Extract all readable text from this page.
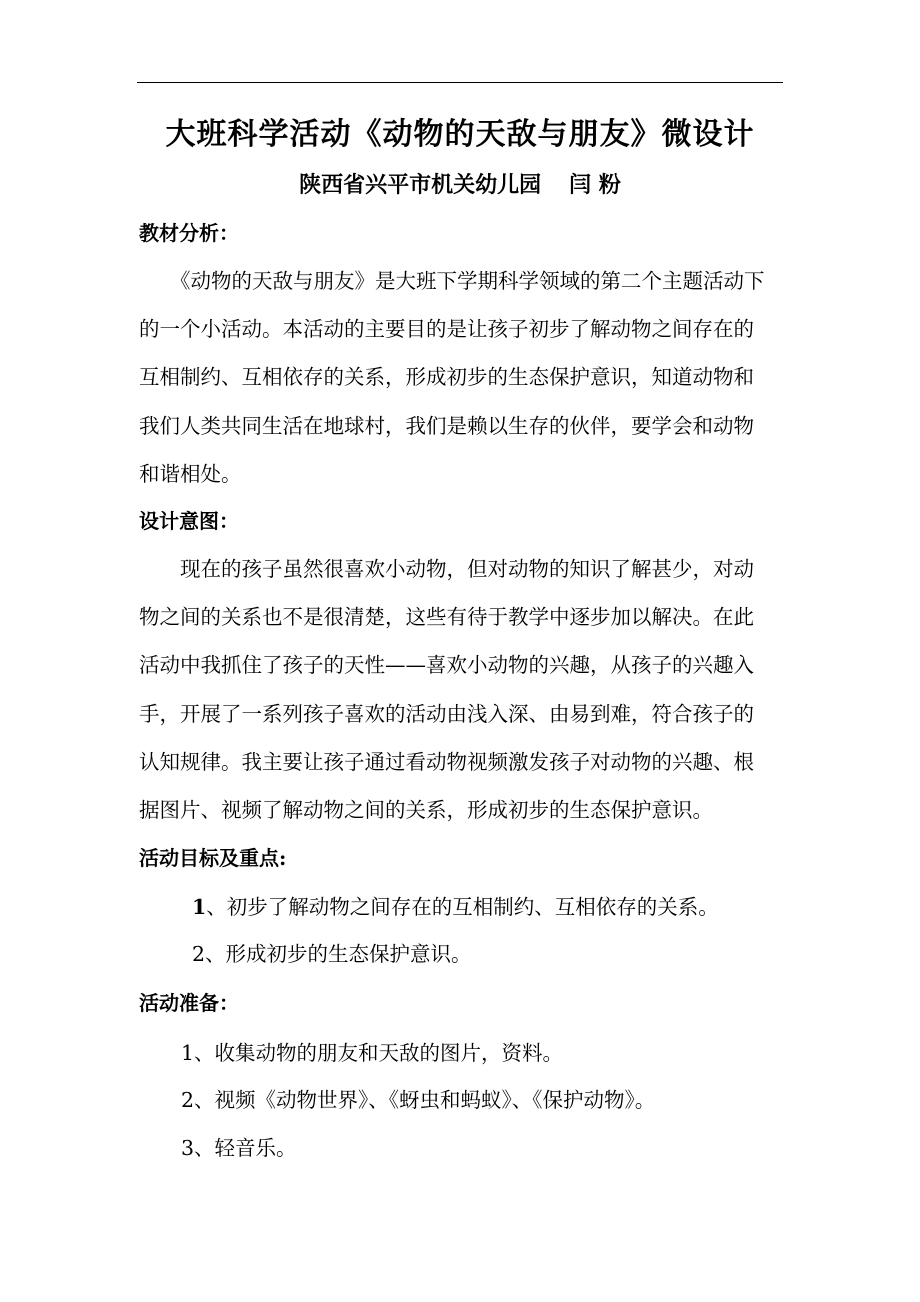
大班科学活动《动物的天敌与朋友》微设计
陕西省兴平市机关幼儿园 闫 粉
教材分析：
《动物的天敌与朋友》是大班下学期科学领域的第二个主题活动下
的一个小活动。本活动的主要目的是让孩子初步了解动物之间存在的
互相制约、互相依存的关系，形成初步的生态保护意识，知道动物和
我们人类共同生活在地球村，我们是赖以生存的伙伴，要学会和动物
和谐相处。
设计意图：
现在的孩子虽然很喜欢小动物，但对动物的知识了解甚少，对动
物之间的关系也不是很清楚，这些有待于教学中逐步加以解决。在此
活动中我抓住了孩子的天性——喜欢小动物的兴趣，从孩子的兴趣入
手，开展了一系列孩子喜欢的活动由浅入深、由易到难，符合孩子的
认知规律。我主要让孩子通过看动物视频激发孩子对动物的兴趣、根
据图片、视频了解动物之间的关系，形成初步的生态保护意识。
活动目标及重点:
1、初步了解动物之间存在的互相制约、互相依存的关系。
2、形成初步的生态保护意识。
活动准备：
1、收集动物的朋友和天敌的图片，资料。
2、视频《动物世界》、《蚜虫和蚂蚁》、《保护动物》。
3、轻音乐。
